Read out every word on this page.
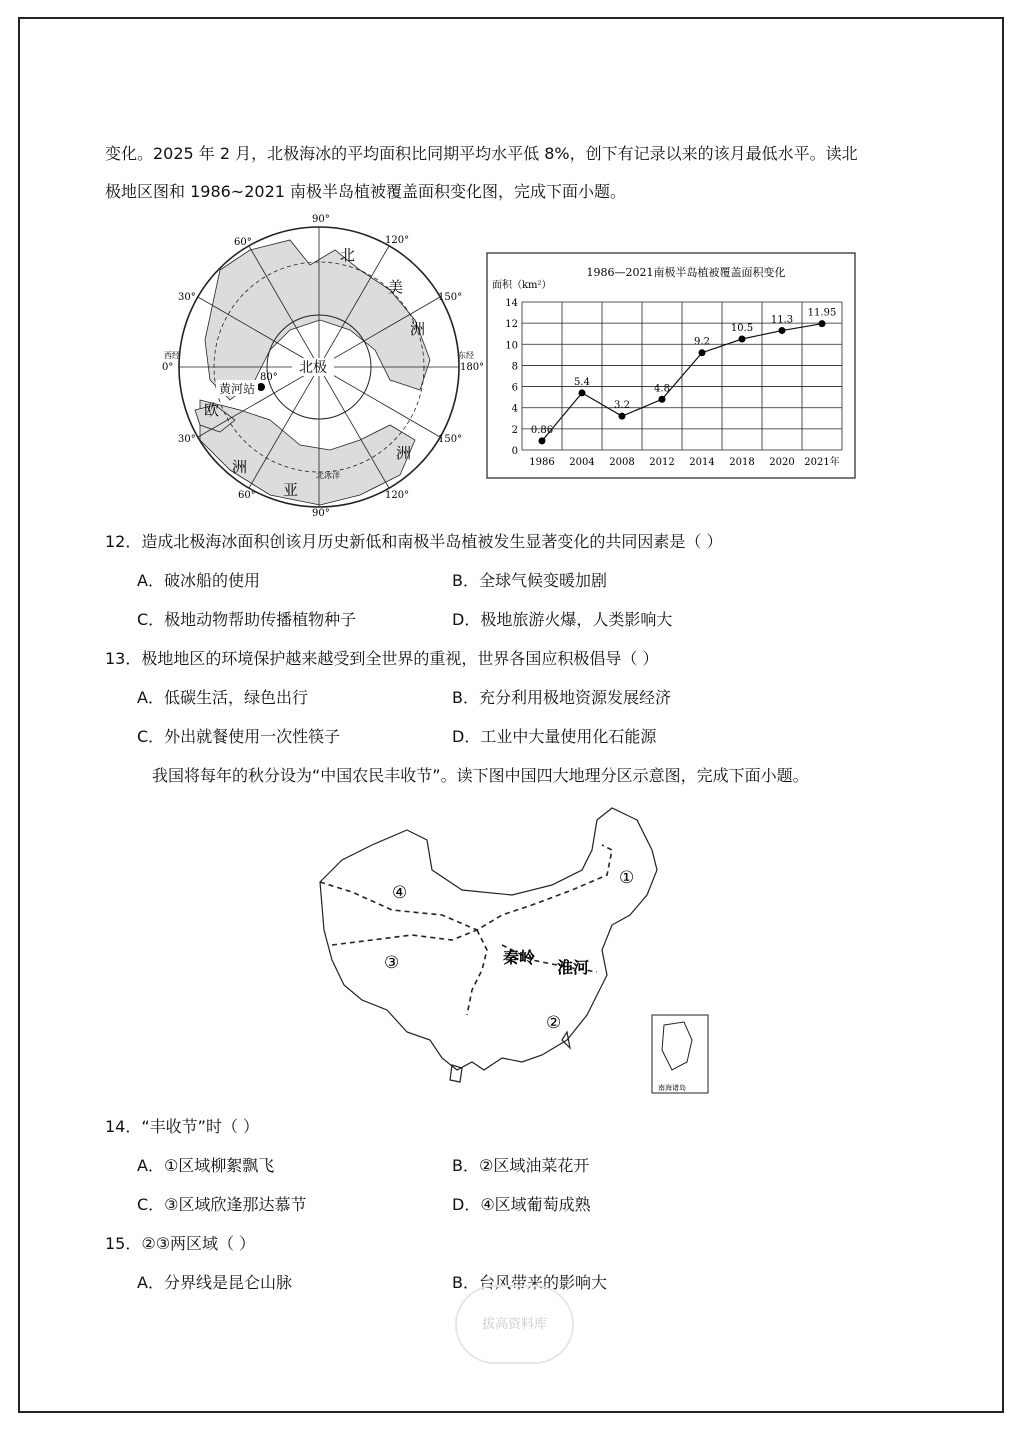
变化。2025 年 2 月，北极海冰的平均面积比同期平均水平低 8%，创下有记录以来的该月最低水平。读北
极地区图和 1986~2021 南极半岛植被覆盖面积变化图，完成下面小题。
北极
黄河站
80°
北
美
洲
洲
亚
洲
欧
90°
120°
150°
180°
150°
120°
90°
60°
30°
0°
30°
60°
西经	东经
北冰洋
1986—2021南极半岛植被覆盖面积变化
面积（km²）
0
2
4
6
8
10
12
14
1986 2004 2008 2012 2014 2018 2020 2021年
0.86
5.4
3.2
4.8
9.2
10.5
11.3
11.95
12．造成北极海冰面积创该月历史新低和南极半岛植被发生显著变化的共同因素是（ ）
A．破冰船的使用	B．全球气候变暖加剧
C．极地动物帮助传播植物种子	D．极地旅游火爆，人类影响大
13．极地地区的环境保护越来越受到全世界的重视，世界各国应积极倡导（ ）
A．低碳生活，绿色出行	B．充分利用极地资源发展经济
C．外出就餐使用一次性筷子	D．工业中大量使用化石能源
我国将每年的秋分设为“中国农民丰收节”。读下图中国四大地理分区示意图，完成下面小题。
④
①
③
②
秦岭
淮河
南海诸岛
14．“丰收节”时（ ）
A．①区域柳絮飘飞	B．②区域油菜花开
C．③区域欣逢那达慕节	D．④区域葡萄成熟
15．②③两区域（ ）
A．分界线是昆仑山脉	B．台风带来的影响大
拔高资料库
